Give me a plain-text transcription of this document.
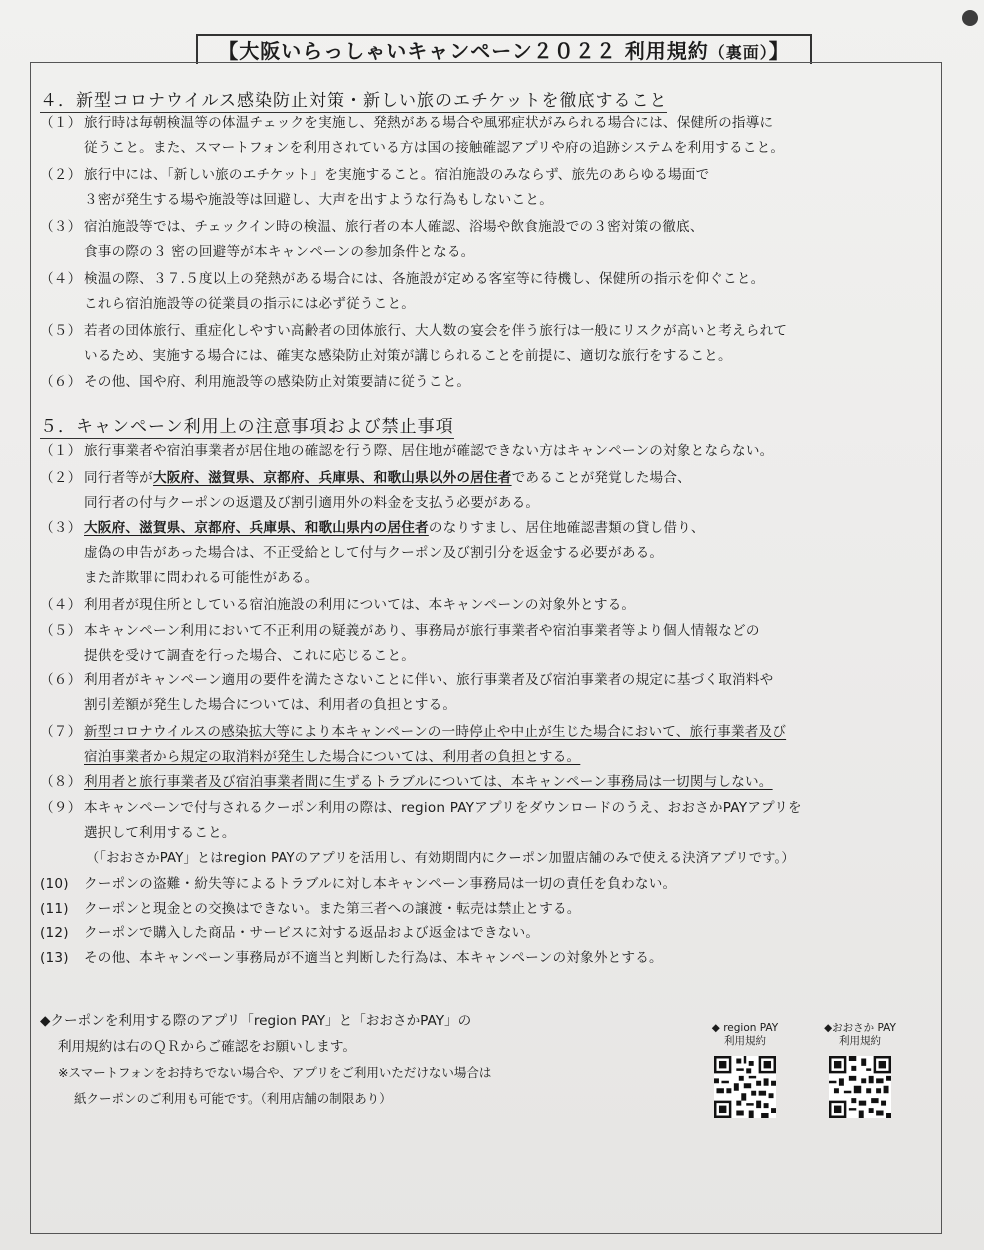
【大阪いらっしゃいキャンペーン２０２２ 利用規約（裏面）】
４．新型コロナウイルス感染防止対策・新しい旅のエチケットを徹底すること
（１） 旅行時は毎朝検温等の体温チェックを実施し、発熱がある場合や風邪症状がみられる場合には、保健所の指導に
従うこと。また、スマートフォンを利用されている方は国の接触確認アプリや府の追跡システムを利用すること。
（２） 旅行中には、「新しい旅のエチケット」を実施すること。宿泊施設のみならず、旅先のあらゆる場面で
３密が発生する場や施設等は回避し、大声を出すような行為もしないこと。
（３） 宿泊施設等では、チェックイン時の検温、旅行者の本人確認、浴場や飲食施設での３密対策の徹底、
食事の際の３ 密の回避等が本キャンペーンの参加条件となる。
（４） 検温の際、３７.５度以上の発熱がある場合には、各施設が定める客室等に待機し、保健所の指示を仰ぐこと。
これら宿泊施設等の従業員の指示には必ず従うこと。
（５） 若者の団体旅行、重症化しやすい高齢者の団体旅行、大人数の宴会を伴う旅行は一般にリスクが高いと考えられて
いるため、実施する場合には、確実な感染防止対策が講じられることを前提に、適切な旅行をすること。
（６） その他、国や府、利用施設等の感染防止対策要請に従うこと。
５．キャンペーン利用上の注意事項および禁止事項
（１） 旅行事業者や宿泊事業者が居住地の確認を行う際、居住地が確認できない方はキャンペーンの対象とならない。
（２） 同行者等が大阪府、滋賀県、京都府、兵庫県、和歌山県以外の居住者であることが発覚した場合、
同行者の付与クーポンの返還及び割引適用外の料金を支払う必要がある。
（３） 大阪府、滋賀県、京都府、兵庫県、和歌山県内の居住者のなりすまし、居住地確認書類の貸し借り、
虚偽の申告があった場合は、不正受給として付与クーポン及び割引分を返金する必要がある。
また詐欺罪に問われる可能性がある。
（４） 利用者が現住所としている宿泊施設の利用については、本キャンペーンの対象外とする。
（５） 本キャンペーン利用において不正利用の疑義があり、事務局が旅行事業者や宿泊事業者等より個人情報などの
提供を受けて調査を行った場合、これに応じること。
（６） 利用者がキャンペーン適用の要件を満たさないことに伴い、旅行事業者及び宿泊事業者の規定に基づく取消料や
割引差額が発生した場合については、利用者の負担とする。
（７） 新型コロナウイルスの感染拡大等により本キャンペーンの一時停止や中止が生じた場合において、旅行事業者及び
宿泊事業者から規定の取消料が発生した場合については、利用者の負担とする。
（８） 利用者と旅行事業者及び宿泊事業者間に生ずるトラブルについては、本キャンペーン事務局は一切関与しない。
（９） 本キャンペーンで付与されるクーポン利用の際は、region PAYアプリをダウンロードのうえ、おおさかPAYアプリを
選択して利用すること。
（「おおさかPAY」とはregion PAYのアプリを活用し、有効期間内にクーポン加盟店舗のみで使える決済アプリです。）
(10) クーポンの盗難・紛失等によるトラブルに対し本キャンペーン事務局は一切の責任を負わない。
(11) クーポンと現金との交換はできない。また第三者への譲渡・転売は禁止とする。
(12) クーポンで購入した商品・サービスに対する返品および返金はできない。
(13) その他、本キャンペーン事務局が不適当と判断した行為は、本キャンペーンの対象外とする。
◆クーポンを利用する際のアプリ「region PAY」と「おおさかPAY」の
利用規約は右のＱＲからご確認をお願いします。
※スマートフォンをお持ちでない場合や、アプリをご利用いただけない場合は
紙クーポンのご利用も可能です。（利用店舗の制限あり）
◆ region PAY
利用規約
◆おおさか PAY
利用規約
